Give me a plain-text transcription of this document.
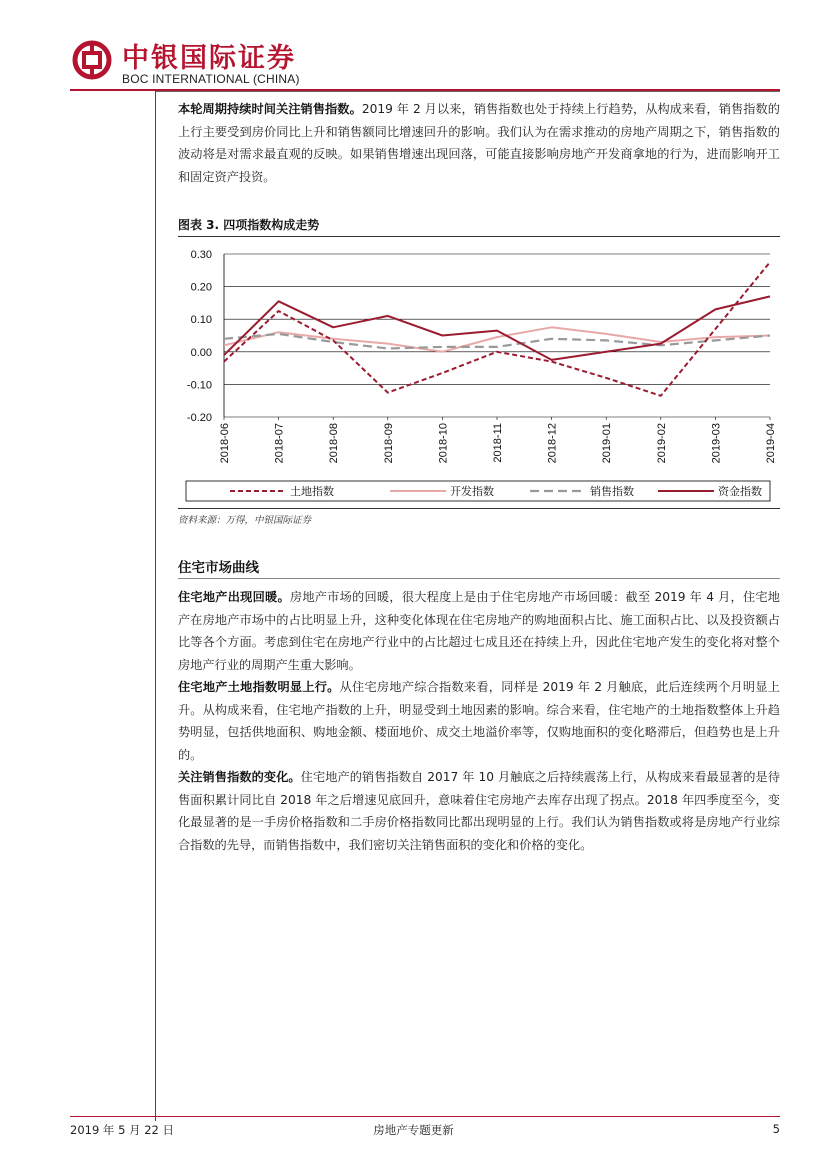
中银国际证券
BOC INTERNATIONAL (CHINA)

本轮周期持续时间关注销售指数。2019 年 2 月以来，销售指数也处于持续上行趋势，从构成来看，销售指数的上行主要受到房价同比上升和销售额同比增速回升的影响。我们认为在需求推动的房地产周期之下，销售指数的波动将是对需求最直观的反映。如果销售增速出现回落，可能直接影响房地产开发商拿地的行为，进而影响开工和固定资产投资。

图表 3. 四项指数构成走势

0.30
0.20
0.10
0.00
-0.10
-0.20
2018-06	2018-07	2018-08	2018-09	2018-10	2018-11	2018-12	2019-01	2019-02	2019-03	2019-04
土地指数	开发指数	销售指数	资金指数

资料来源：万得，中银国际证券

住宅市场曲线

住宅地产出现回暖。房地产市场的回暖，很大程度上是由于住宅房地产市场回暖：截至 2019 年 4 月，住宅地产在房地产市场中的占比明显上升，这种变化体现在住宅房地产的购地面积占比、施工面积占比、以及投资额占比等各个方面。考虑到住宅在房地产行业中的占比超过七成且还在持续上升，因此住宅地产发生的变化将对整个房地产行业的周期产生重大影响。

住宅地产土地指数明显上行。从住宅房地产综合指数来看，同样是 2019 年 2 月触底，此后连续两个月明显上升。从构成来看，住宅地产指数的上升，明显受到土地因素的影响。综合来看，住宅地产的土地指数整体上升趋势明显，包括供地面积、购地金额、楼面地价、成交土地溢价率等，仅购地面积的变化略滞后，但趋势也是上升的。

关注销售指数的变化。住宅地产的销售指数自 2017 年 10 月触底之后持续震荡上行，从构成来看最显著的是待售面积累计同比自 2018 年之后增速见底回升，意味着住宅房地产去库存出现了拐点。2018 年四季度至今，变化最显著的是一手房价格指数和二手房价格指数同比都出现明显的上行。我们认为销售指数或将是房地产行业综合指数的先导，而销售指数中，我们密切关注销售面积的变化和价格的变化。

2019 年 5 月 22 日	房地产专题更新	5
